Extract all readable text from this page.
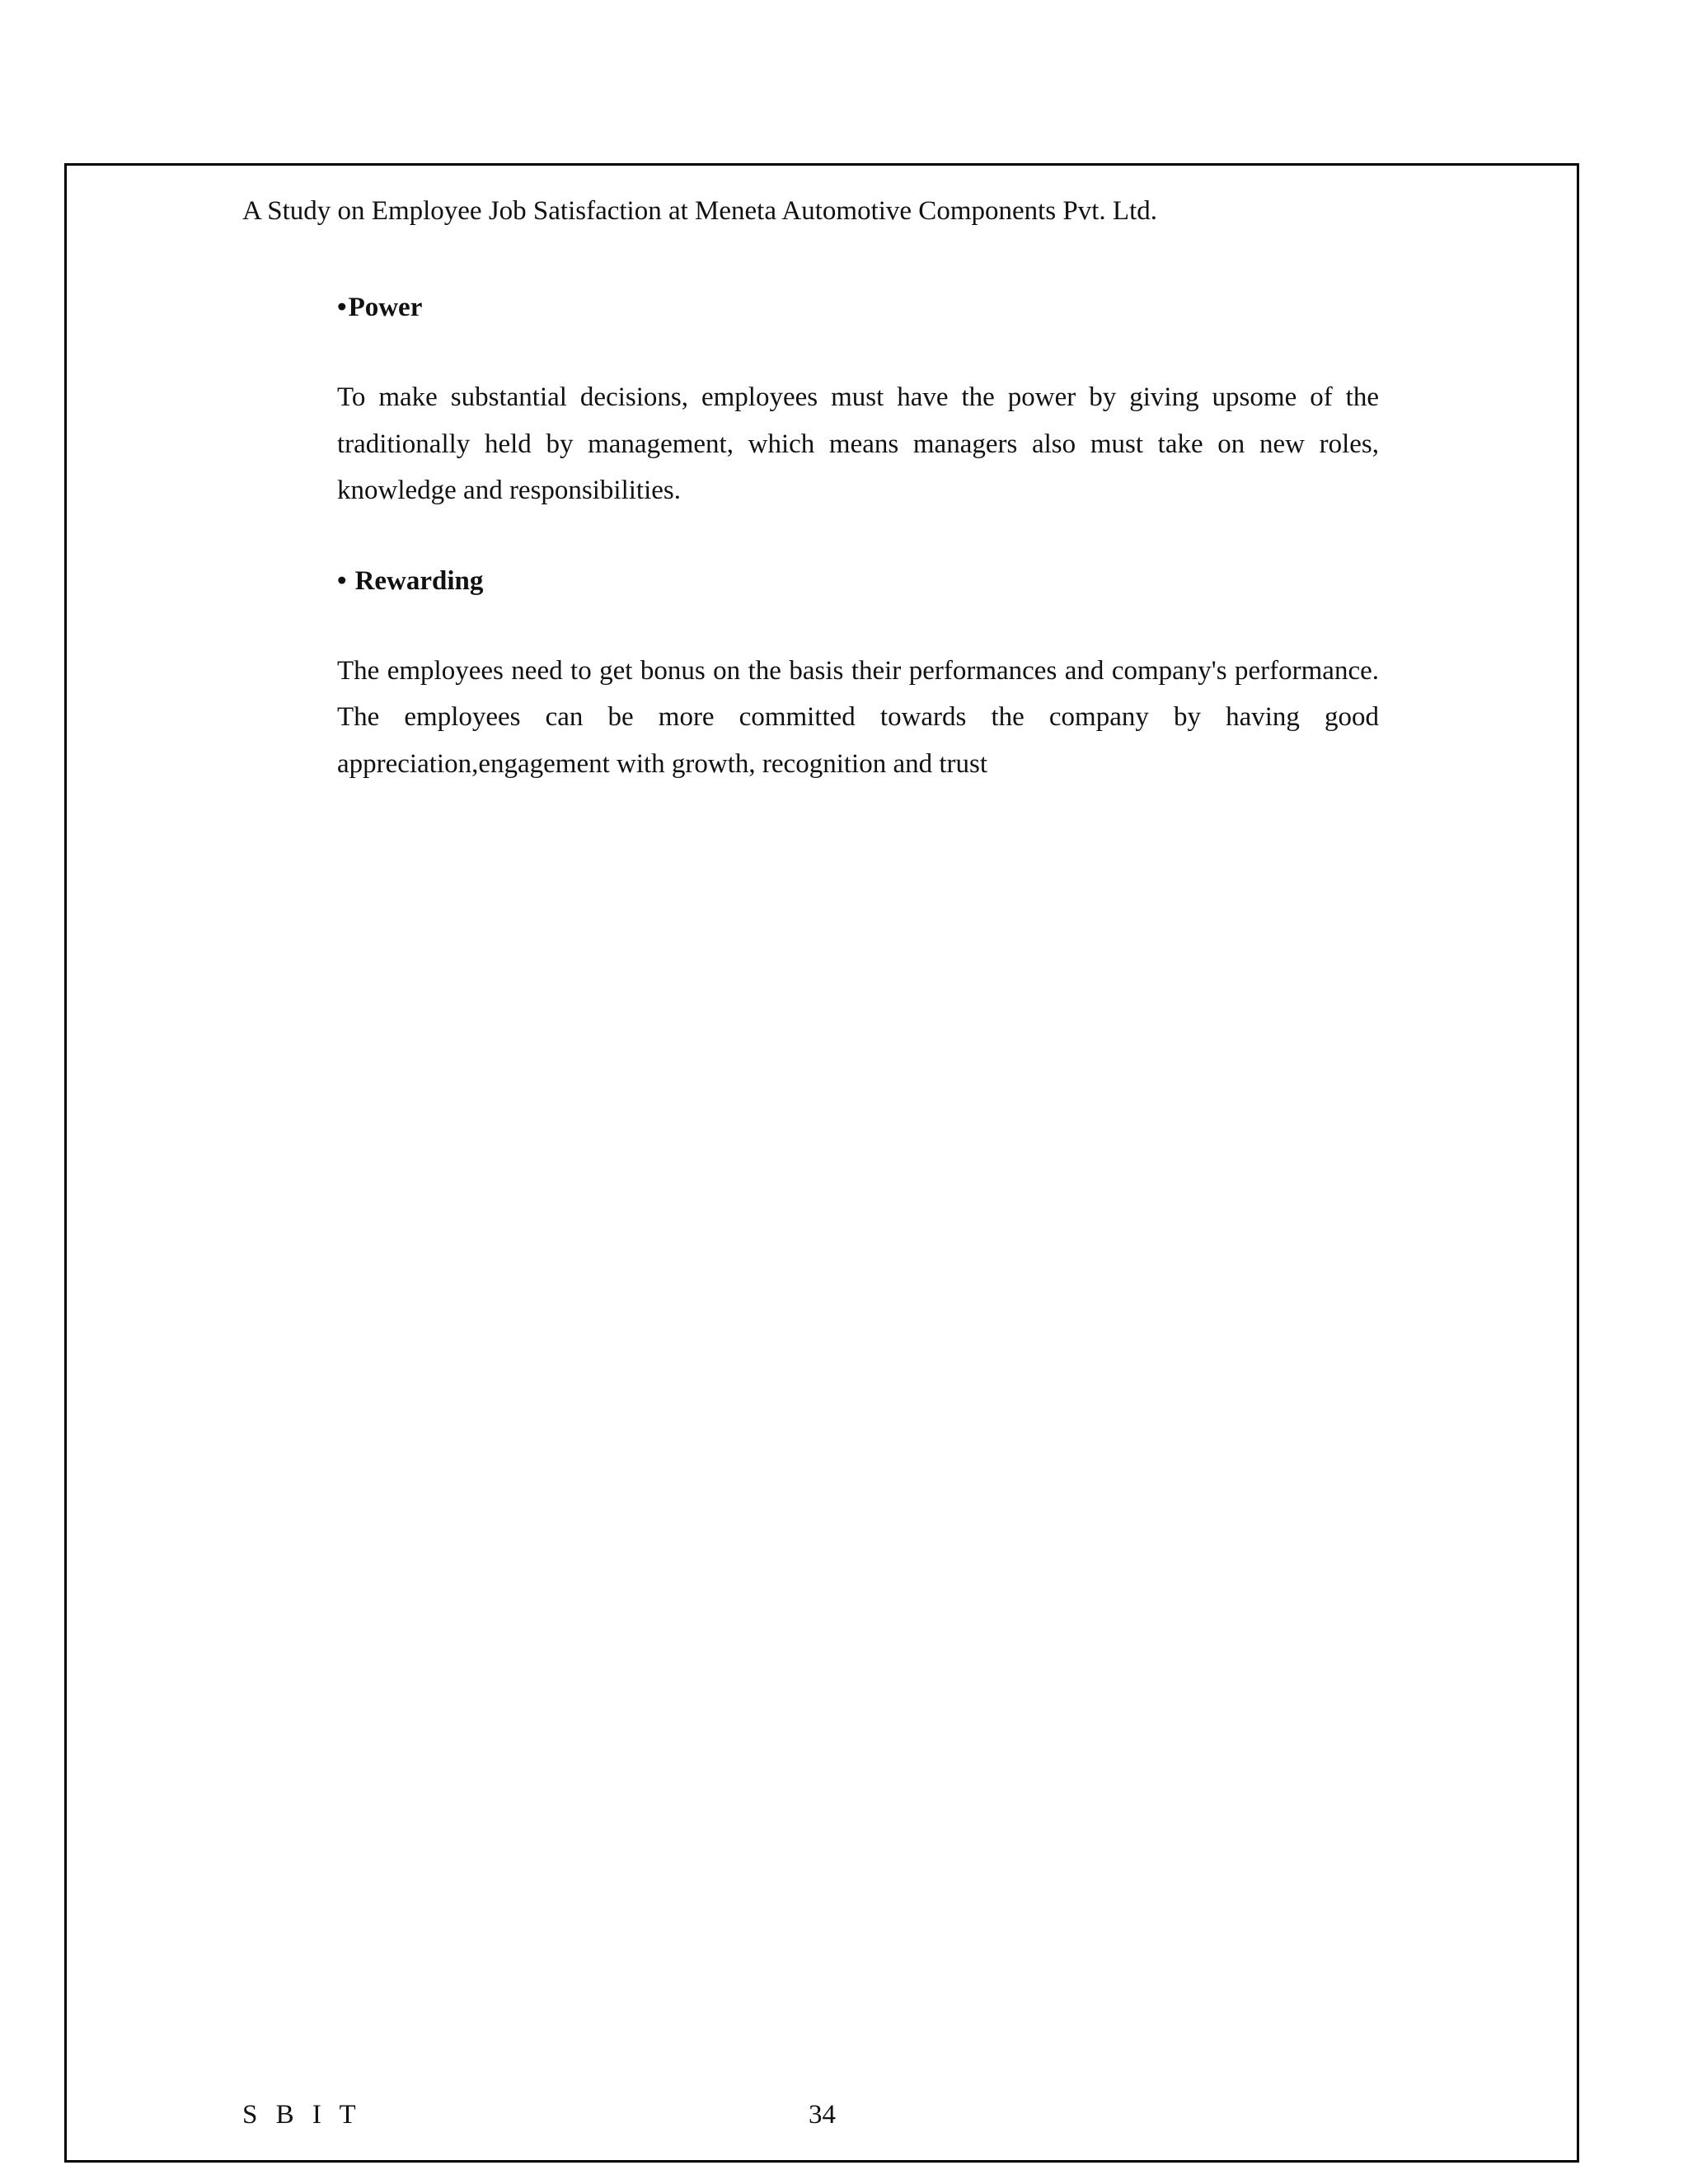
A Study on Employee Job Satisfaction at Meneta Automotive Components Pvt. Ltd.

•Power

To make substantial decisions, employees must have the power by giving upsome of the traditionally held by management, which means managers also must take on new roles, knowledge and responsibilities.

• Rewarding

The employees need to get bonus on the basis their performances and company's performance. The employees can be more committed towards the company by having good appreciation,engagement with growth, recognition and trust

S B I T	34
